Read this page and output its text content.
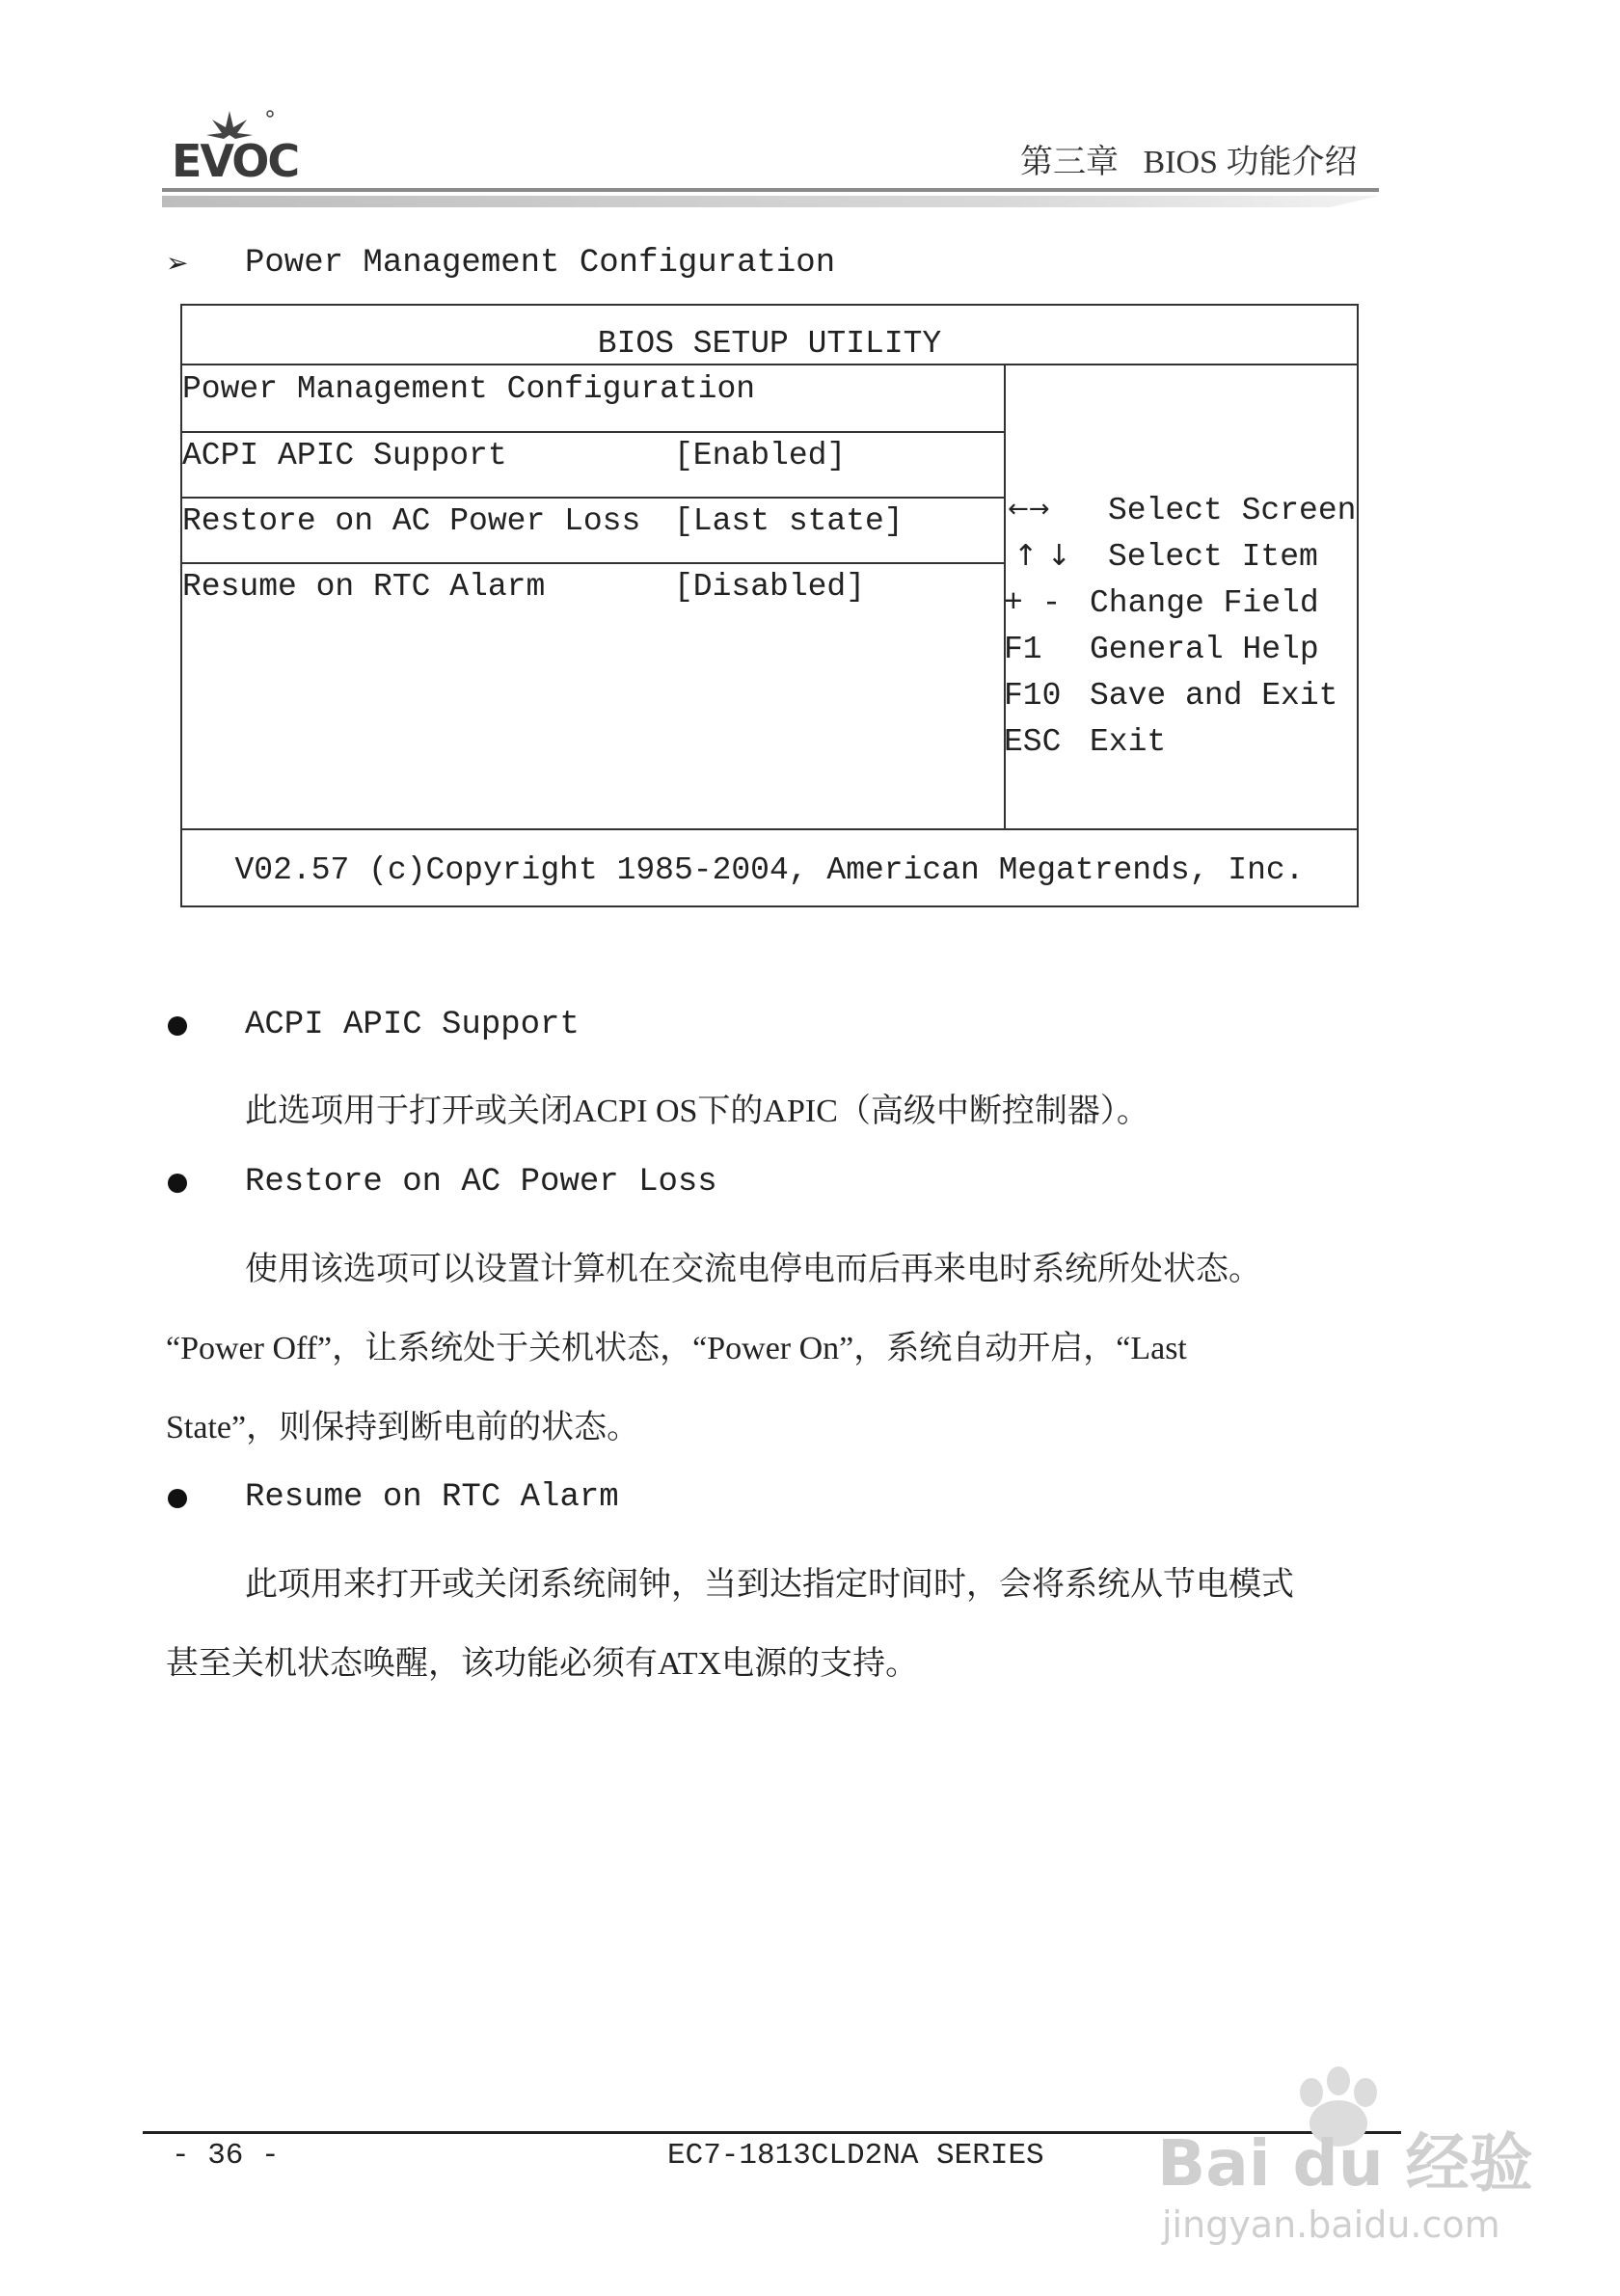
EVOC	第三章   BIOS 功能介绍
➢ Power Management Configuration
BIOS SETUP UTILITY
Power Management Configuration
ACPI APIC Support	[Enabled]
Restore on AC Power Loss [Last state]
Resume on RTC Alarm	[Disabled]
←→ Select Screen
↑ ↓ Select Item
+ - Change Field
F1 General Help
F10 Save and Exit
ESC Exit
V02.57 (c)Copyright 1985-2004, American Megatrends, Inc.
ACPI APIC Support
此选项用于打开或关闭ACPI OS下的APIC（高级中断控制器）。
Restore on AC Power Loss
使用该选项可以设置计算机在交流电停电而后再来电时系统所处状态。
“Power Off”，让系统处于关机状态，“Power On”，系统自动开启，“Last
State”，则保持到断电前的状态。
Resume on RTC Alarm
此项用来打开或关闭系统闹钟，当到达指定时间时，会将系统从节电模式
甚至关机状态唤醒，该功能必须有ATX电源的支持。
- 36 -	EC7-1813CLD2NA SERIES Bai du 经验
jingyan.baidu.com
